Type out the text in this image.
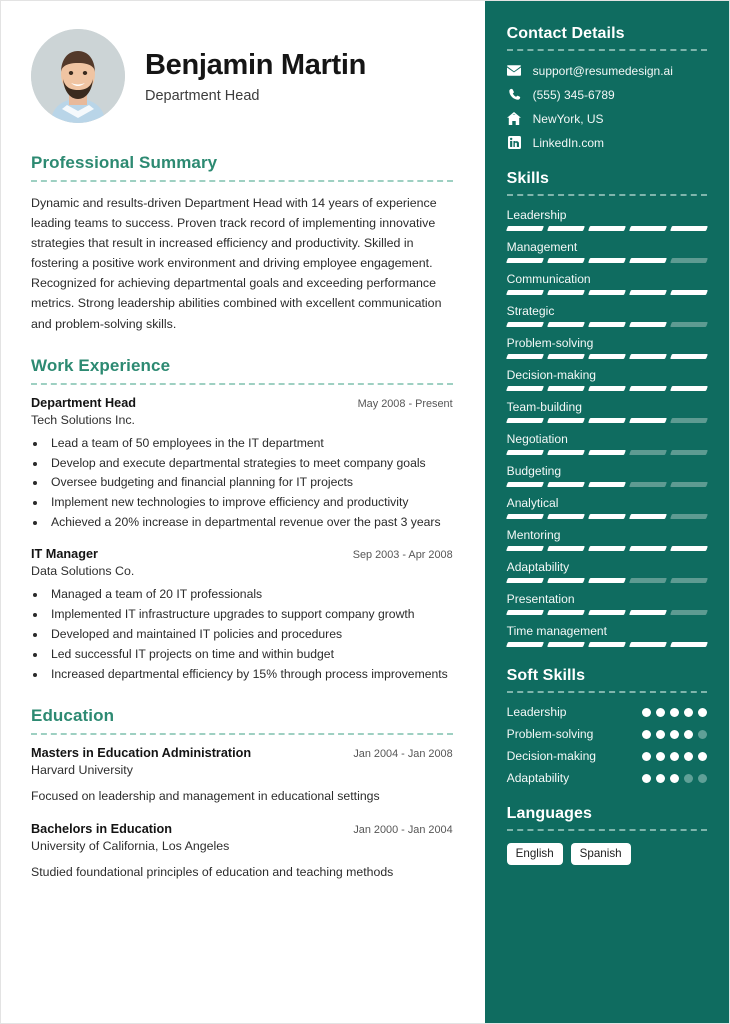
Benjamin Martin
Department Head
Professional Summary
Dynamic and results-driven Department Head with 14 years of experience leading teams to success. Proven track record of implementing innovative strategies that result in increased efficiency and productivity. Skilled in fostering a positive work environment and driving employee engagement. Recognized for achieving departmental goals and exceeding performance metrics. Strong leadership abilities combined with excellent communication and problem-solving skills.
Work Experience
Department Head	May 2008 - Present
Tech Solutions Inc.
• Lead a team of 50 employees in the IT department
• Develop and execute departmental strategies to meet company goals
• Oversee budgeting and financial planning for IT projects
• Implement new technologies to improve efficiency and productivity
• Achieved a 20% increase in departmental revenue over the past 3 years
IT Manager	Sep 2003 - Apr 2008
Data Solutions Co.
• Managed a team of 20 IT professionals
• Implemented IT infrastructure upgrades to support company growth
• Developed and maintained IT policies and procedures
• Led successful IT projects on time and within budget
• Increased departmental efficiency by 15% through process improvements
Education
Masters in Education Administration	Jan 2004 - Jan 2008
Harvard University
Focused on leadership and management in educational settings
Bachelors in Education	Jan 2000 - Jan 2004
University of California, Los Angeles
Studied foundational principles of education and teaching methods
Contact Details
support@resumedesign.ai
(555) 345-6789
NewYork, US
LinkedIn.com
Skills
Leadership
Management
Communication
Strategic
Problem-solving
Decision-making
Team-building
Negotiation
Budgeting
Analytical
Mentoring
Adaptability
Presentation
Time management
Soft Skills
Leadership
Problem-solving
Decision-making
Adaptability
Languages
English	Spanish
